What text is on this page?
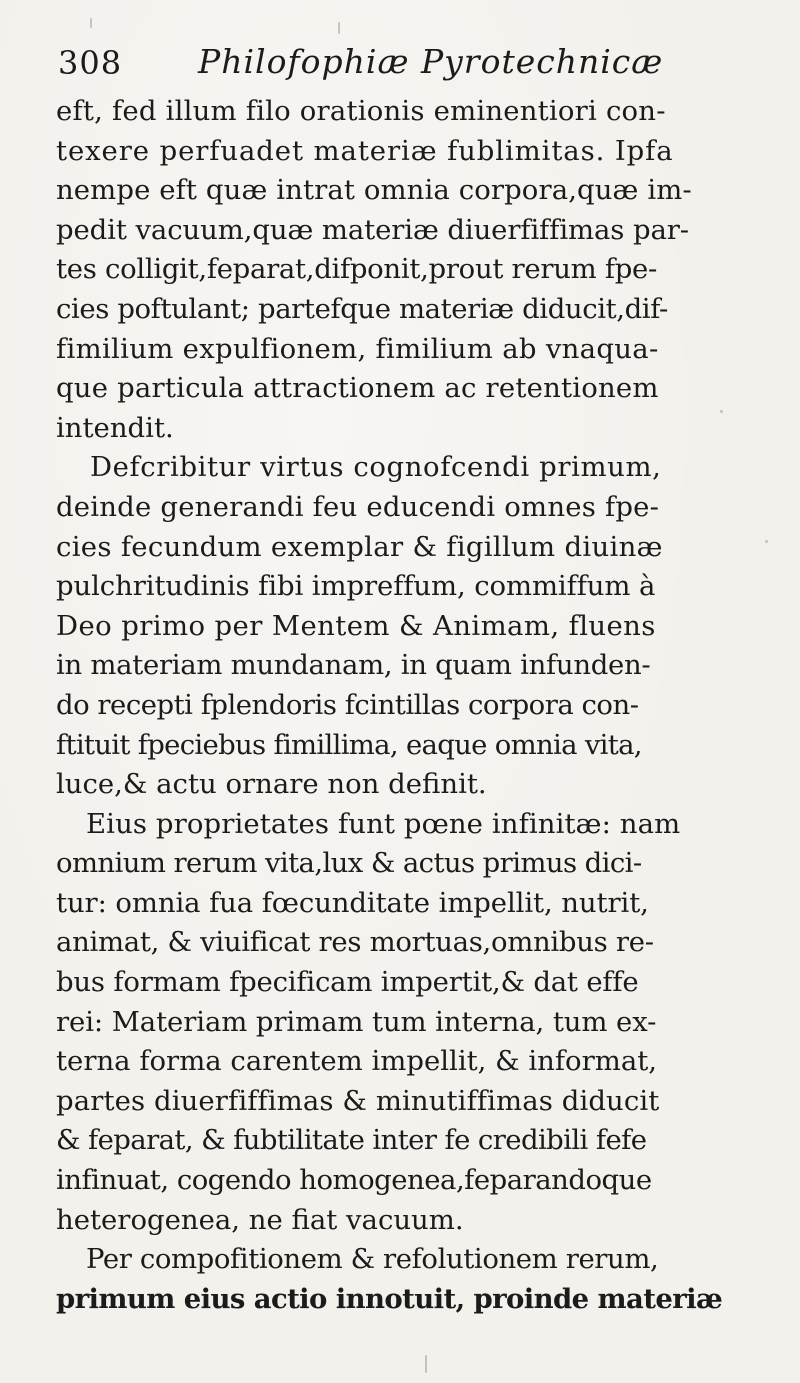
308 Philofophiæ Pyrotechnicæ
eft, fed illum filo orationis eminentiori con-
texere perfuadet materiæ fublimitas. Ipfa
nempe eft quæ intrat omnia corpora,quæ im-
pedit vacuum,quæ materiæ diuerfiffimas par-
tes colligit,feparat,difponit,prout rerum fpe-
cies poftulant; partefque materiæ diducit,dif-
fimilium expulfionem, fimilium ab vnaqua-
que particula attractionem ac retentionem
intendit.
Defcribitur virtus cognofcendi primum,
deinde generandi feu educendi omnes fpe-
cies fecundum exemplar & figillum diuinæ
pulchritudinis fibi impreffum, commiffum à
Deo primo per Mentem & Animam, fluens
in materiam mundanam, in quam infunden-
do recepti fplendoris fcintillas corpora con-
ftituit fpeciebus fimillima, eaque omnia vita,
luce,& actu ornare non definit.
Eius proprietates funt pœne infinitæ: nam
omnium rerum vita,lux & actus primus dici-
tur: omnia fua fœcunditate impellit, nutrit,
animat, & viuificat res mortuas,omnibus re-
bus formam fpecificam impertit,& dat effe
rei: Materiam primam tum interna, tum ex-
terna forma carentem impellit, & informat,
partes diuerfiffimas & minutiffimas diducit
& feparat, & fubtilitate inter fe credibili fefe
infinuat, cogendo homogenea,feparandoque
heterogenea, ne fiat vacuum.
Per compofitionem & refolutionem rerum,
primum eius actio innotuit, proinde materiæ
